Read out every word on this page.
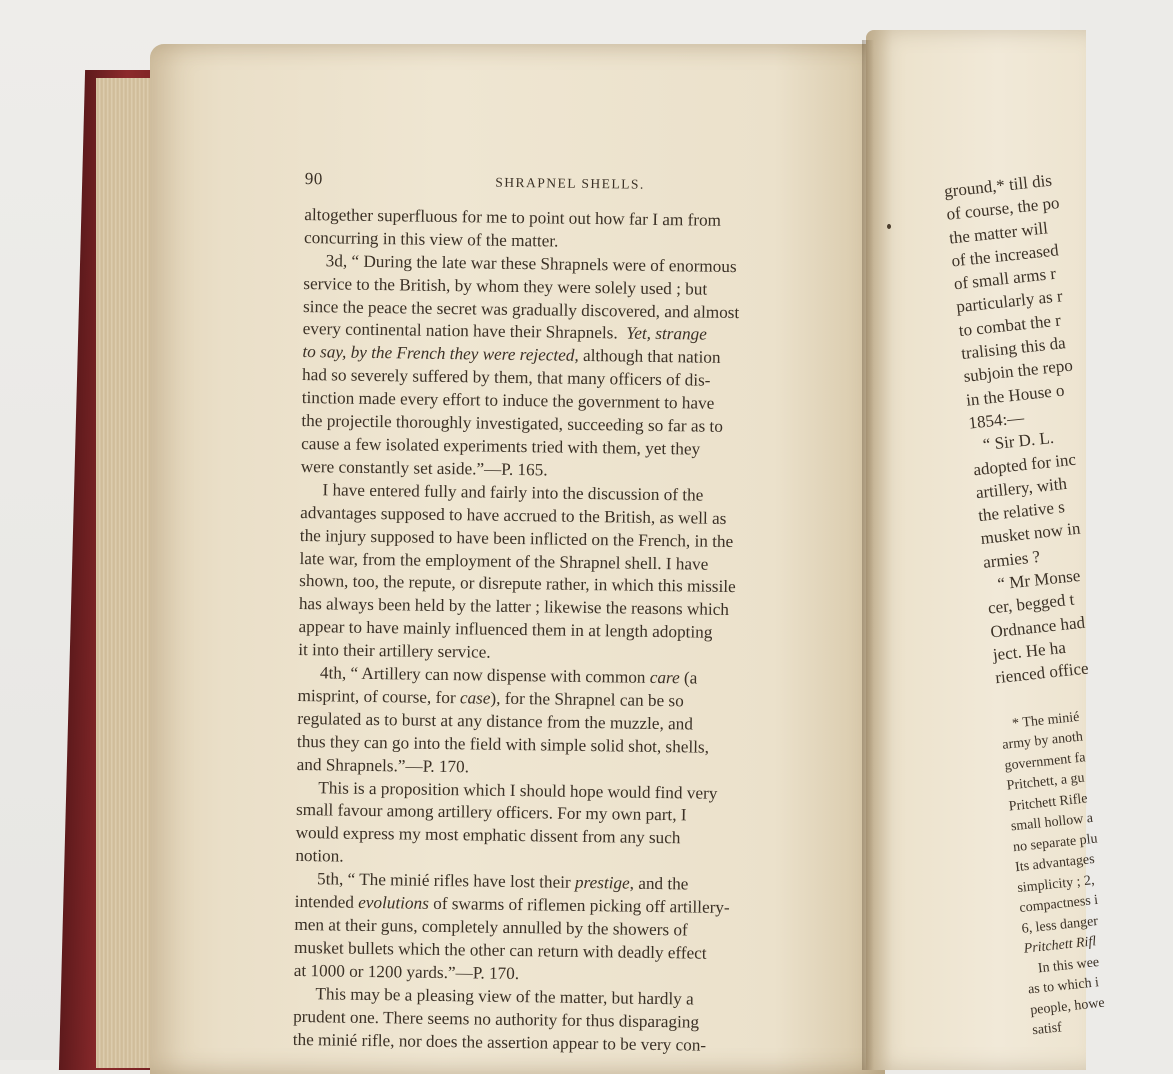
90	SHRAPNEL SHELLS.

altogether superfluous for me to point out how far I am from

concurring in this view of the matter.

3d, “ During the late war these Shrapnels were of enormous

service to the British, by whom they were solely used ; but

since the peace the secret was gradually discovered, and almost

every continental nation have their Shrapnels. Yet, strange

to say, by the French they were rejected, although that nation

had so severely suffered by them, that many officers of dis-

tinction made every effort to induce the government to have

the projectile thoroughly investigated, succeeding so far as to

cause a few isolated experiments tried with them, yet they

were constantly set aside.”—P. 165.

I have entered fully and fairly into the discussion of the

advantages supposed to have accrued to the British, as well as

the injury supposed to have been inflicted on the French, in the

late war, from the employment of the Shrapnel shell. I have

shown, too, the repute, or disrepute rather, in which this missile

has always been held by the latter ; likewise the reasons which

appear to have mainly influenced them in at length adopting

it into their artillery service.

4th, “ Artillery can now dispense with common care (a

misprint, of course, for case), for the Shrapnel can be so

regulated as to burst at any distance from the muzzle, and

thus they can go into the field with simple solid shot, shells,

and Shrapnels.”—P. 170.

This is a proposition which I should hope would find very

small favour among artillery officers. For my own part, I

would express my most emphatic dissent from any such

notion.

5th, “ The minié rifles have lost their prestige, and the

intended evolutions of swarms of riflemen picking off artillery-

men at their guns, completely annulled by the showers of

musket bullets which the other can return with deadly effect

at 1000 or 1200 yards.”—P. 170.

This may be a pleasing view of the matter, but hardly a

prudent one. There seems no authority for thus disparaging

the minié rifle, nor does the assertion appear to be very con-

ground,* till dis
of course, the po
the matter will
of the increased
of small arms r
particularly as r
to combat the r
tralising this da
subjoin the repo
in the House o
1854:—
“ Sir D. L.
adopted for inc
artillery, with
the relative s
musket now in
armies ?
“ Mr Monse
cer, begged t
Ordnance had
ject. He ha
rienced office
* The minié
army by anoth
government fa
Pritchett, a gu
Pritchett Rifle
small hollow a
no separate plu
Its advantages
simplicity ; 2,
compactness i
6, less danger
Pritchett Rifl
In this wee
as to which i
people, howe
satisf
